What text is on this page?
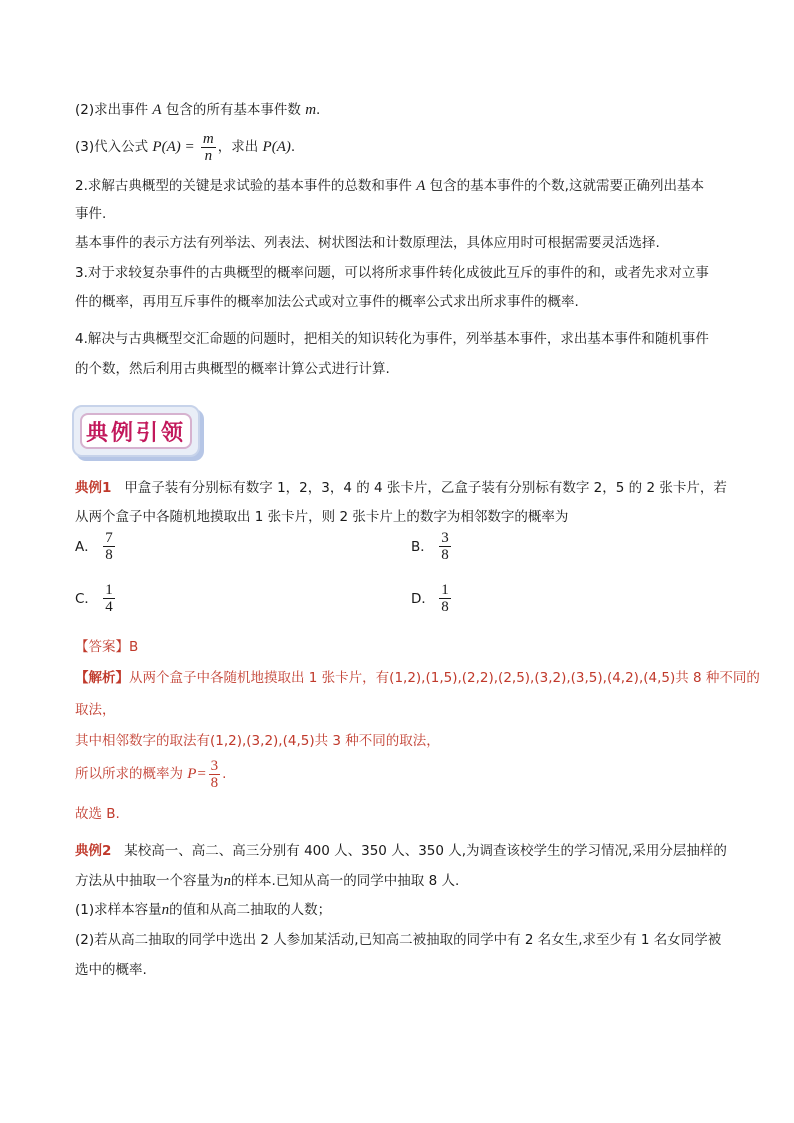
(2)求出事件 A 包含的所有基本事件数 m.
(3)代入公式 $P(A) = \frac{m}{n}$ ，求出 P(A).
2.求解古典概型的关键是求试验的基本事件的总数和事件 A 包含的基本事件的个数,这就需要正确列出基本
事件.
基本事件的表示方法有列举法、列表法、树状图法和计数原理法，具体应用时可根据需要灵活选择.
3.对于求较复杂事件的古典概型的概率问题，可以将所求事件转化成彼此互斥的事件的和，或者先求对立事
件的概率，再用互斥事件的概率加法公式或对立事件的概率公式求出所求事件的概率.
4.解决与古典概型交汇命题的问题时，把相关的知识转化为事件，列举基本事件，求出基本事件和随机事件
的个数，然后利用古典概型的概率计算公式进行计算.
典例引领
典例1 甲盒子装有分别标有数字 1，2，3，4 的 4 张卡片，乙盒子装有分别标有数字 2，5 的 2 张卡片，若
从两个盒子中各随机地摸取出 1 张卡片，则 2 张卡片上的数字为相邻数字的概率为
A． $\frac{7}{8}$	B． $\frac{3}{8}$
C． $\frac{1}{4}$	D． $\frac{1}{8}$
【答案】B
【解析】从两个盒子中各随机地摸取出 1 张卡片，有(1,2),(1,5),(2,2),(2,5),(3,2),(3,5),(4,2),(4,5)共 8 种不同的
取法，
其中相邻数字的取法有(1,2),(3,2),(4,5)共 3 种不同的取法，
所以所求的概率为 $P= \frac{3}{8}$ .
故选 B.
典例2 某校高一、高二、高三分别有 400 人、350 人、350 人,为调查该校学生的学习情况,采用分层抽样的
方法从中抽取一个容量为n的样本.已知从高一的同学中抽取 8 人.
(1)求样本容量n的值和从高二抽取的人数；
(2)若从高二抽取的同学中选出 2 人参加某活动,已知高二被抽取的同学中有 2 名女生,求至少有 1 名女同学被
选中的概率.
